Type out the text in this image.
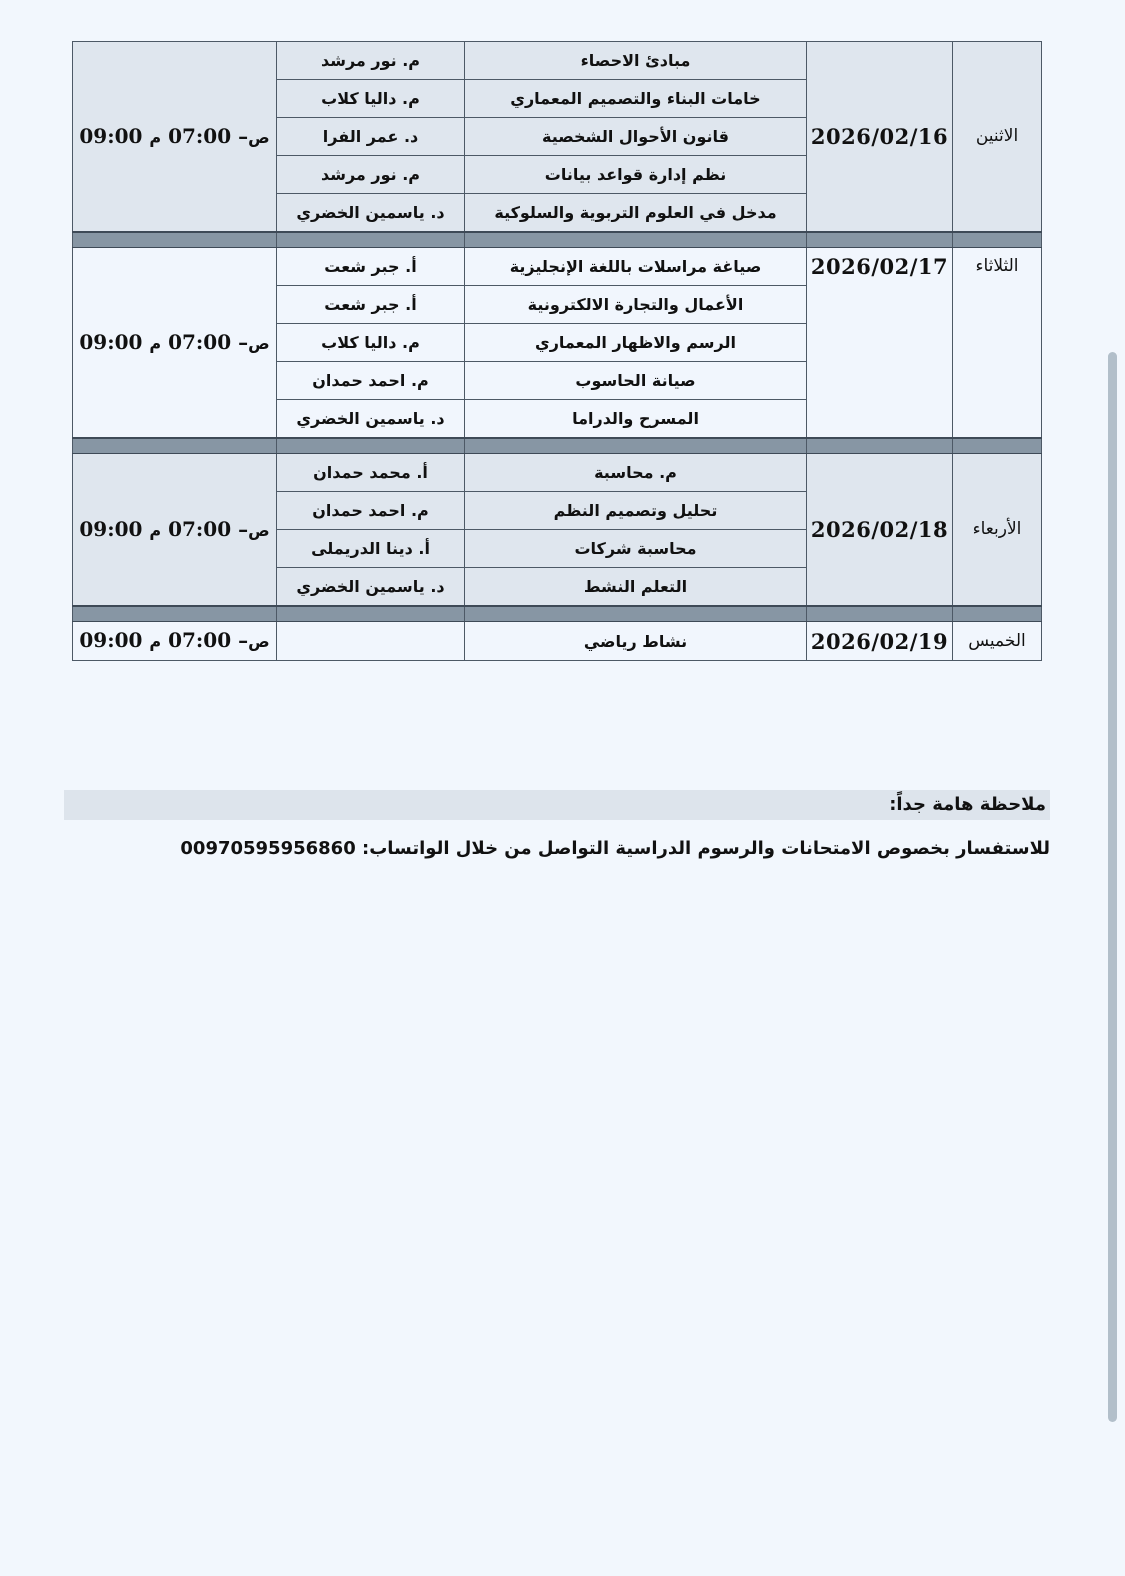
الاثنين	2026/02/16	مبادئ الاحصاء	م. نور مرشد	09:00 ص– 07:00 م
		خامات البناء والتصميم المعماري	م. داليا كلاب	
		قانون الأحوال الشخصية	د. عمر الفرا	
		نظم إدارة قواعد بيانات	م. نور مرشد	
		مدخل في العلوم التربوية والسلوكية	د. ياسمين الخضري	

الثلاثاء	2026/02/17	صياغة مراسلات باللغة الإنجليزية	أ. جبر شعت	09:00 ص– 07:00 م
		الأعمال والتجارة الالكترونية	أ. جبر شعت	
		الرسم والاظهار المعماري	م. داليا كلاب	
		صيانة الحاسوب	م. احمد حمدان	
		المسرح والدراما	د. ياسمين الخضري	

الأربعاء	2026/02/18	م. محاسبة	أ. محمد حمدان	09:00 ص– 07:00 م
		تحليل وتصميم النظم	م. احمد حمدان	
		محاسبة شركات	أ. دينا الدريملى	
		التعلم النشط	د. ياسمين الخضري	

الخميس	2026/02/19	نشاط رياضي		09:00 ص– 07:00 م
ملاحظة هامة جداً:
للاستفسار بخصوص الامتحانات والرسوم الدراسية التواصل من خلال الواتساب: 00970595956860
